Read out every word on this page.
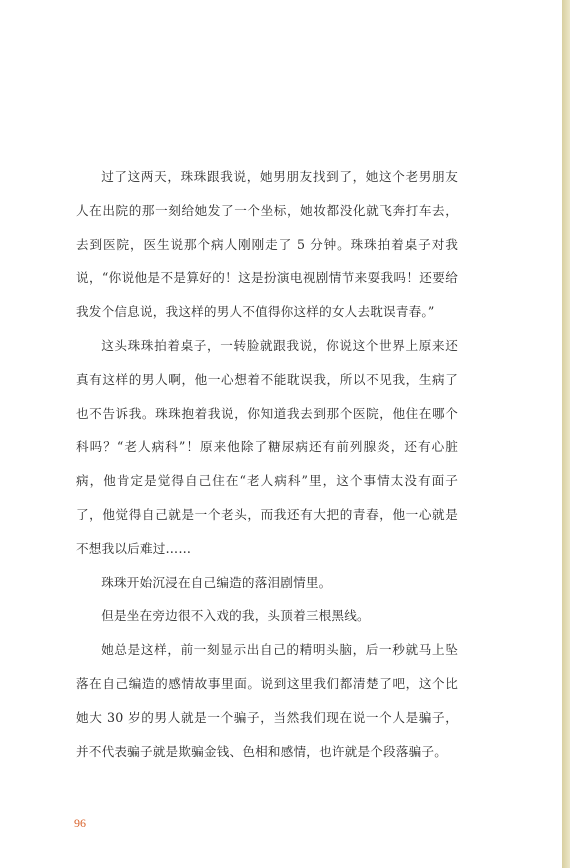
过了这两天，珠珠跟我说，她男朋友找到了，她这个老男朋友人在出院的那一刻给她发了一个坐标，她妆都没化就飞奔打车去，去到医院，医生说那个病人刚刚走了 5 分钟。珠珠拍着桌子对我说，“你说他是不是算好的！这是扮演电视剧情节来耍我吗！还要给我发个信息说，我这样的男人不值得你这样的女人去耽误青春。”

这头珠珠拍着桌子，一转脸就跟我说，你说这个世界上原来还真有这样的男人啊，他一心想着不能耽误我，所以不见我，生病了也不告诉我。珠珠抱着我说，你知道我去到那个医院，他住在哪个科吗？“老人病科”！原来他除了糖尿病还有前列腺炎，还有心脏病，他肯定是觉得自己住在“老人病科”里，这个事情太没有面子了，他觉得自己就是一个老头，而我还有大把的青春，他一心就是不想我以后难过……

珠珠开始沉浸在自己编造的落泪剧情里。

但是坐在旁边很不入戏的我，头顶着三根黑线。

她总是这样，前一刻显示出自己的精明头脑，后一秒就马上坠落在自己编造的感情故事里面。说到这里我们都清楚了吧，这个比她大 30 岁的男人就是一个骗子，当然我们现在说一个人是骗子，并不代表骗子就是欺骗金钱、色相和感情，也许就是个段落骗子。

96
